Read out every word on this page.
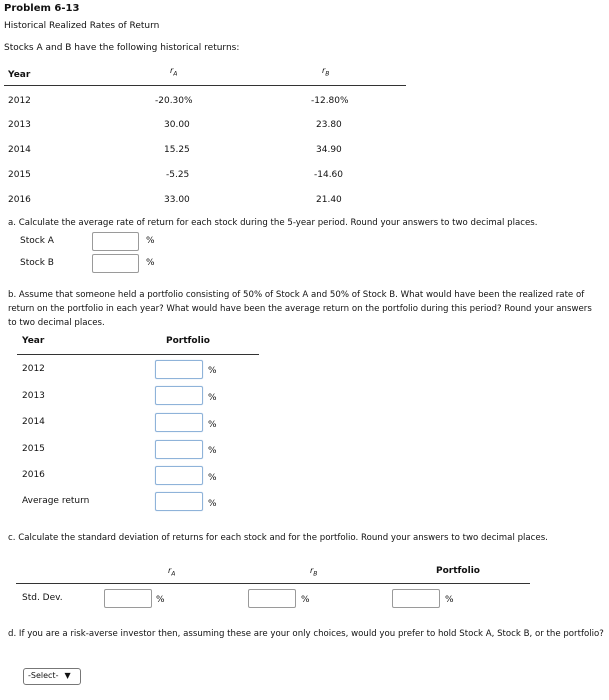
Problem 6-13
Historical Realized Rates of Return
Stocks A and B have the following historical returns:
Year	$r_A$	$r_B$
2012	-20.30%	-12.80%
2013	30.00	23.80
2014	15.25	34.90
2015	-5.25	-14.60
2016	33.00	21.40
a. Calculate the average rate of return for each stock during the 5-year period. Round your answers to two decimal places.
Stock A	%
Stock B	%
b. Assume that someone held a portfolio consisting of 50% of Stock A and 50% of Stock B. What would have been the realized rate of return on the portfolio in each year? What would have been the average return on the portfolio during this period? Round your answers to two decimal places.
Year	Portfolio
2012	%
2013	%
2014	%
2015	%
2016	%
Average return	%
c. Calculate the standard deviation of returns for each stock and for the portfolio. Round your answers to two decimal places.
$r_A$	$r_B$	Portfolio
Std. Dev.	%	%	%
d. If you are a risk-averse investor then, assuming these are your only choices, would you prefer to hold Stock A, Stock B, or the portfolio?
-Select- ▼
